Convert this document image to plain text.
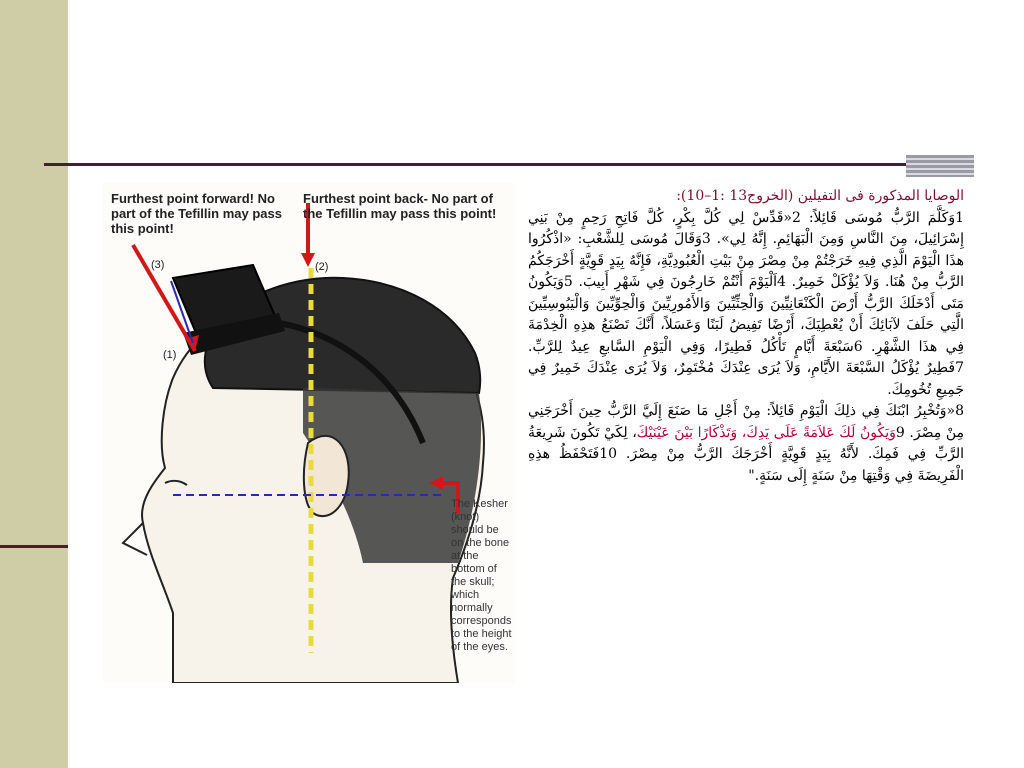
Furthest point forward! No part of the Tefillin may pass this point!
Furthest point back- No part of the Tefillin may pass this point!
(1)
(2)
(3)
The Kesher (knot) should be on the bone at the bottom of the skull; which normally corresponds to the height of the eyes.

الوصايا المذكورة فى التفيلين (الخروج13 :1–10):

1وَكَلَّمَ الرَّبُّ مُوسَى قَائِلاً: 2«قَدِّسْ لِي كُلَّ بِكْرٍ، كُلَّ فَاتِحِ رَحِمٍ مِنْ بَنِي إِسْرَائِيلَ، مِنَ النَّاسِ وَمِنَ الْبَهَائِمِ. إِنَّهُ لِي». 3وَقَالَ مُوسَى لِلشَّعْبِ: «اذْكُرُوا هذَا الْيَوْمَ الَّذِي فِيهِ خَرَجْتُمْ مِنْ مِصْرَ مِنْ بَيْتِ الْعُبُودِيَّةِ، فَإِنَّهُ بِيَدٍ قَوِيَّةٍ أَخْرَجَكُمُ الرَّبُّ مِنْ هُنَا. وَلاَ يُؤْكَلْ خَمِيرٌ. 4اَلْيَوْمَ أَنْتُمْ خَارِجُونَ فِي شَهْرِ أَبِيبَ. 5وَيَكُونُ مَتَى أَدْخَلَكَ الرَّبُّ أَرْضَ الْكَنْعَانِيِّينَ وَالْحِثِّيِّينَ وَالأَمُورِيِّينَ وَالْحِوِّيِّينَ وَالْيَبُوسِيِّينَ الَّتِي حَلَفَ لآبَائِكَ أَنْ يُعْطِيَكَ، أَرْضًا تَفِيضُ لَبَنًا وَعَسَلاً، أَنَّكَ تَصْنَعُ هذِهِ الْخِدْمَةَ فِي هذَا الشَّهْرِ. 6سَبْعَةَ أَيَّامٍ تَأْكُلُ فَطِيرًا، وَفِي الْيَوْمِ السَّابعِ عِيدٌ لِلرَّبِّ. 7فَطِيرٌ يُؤْكَلُ السَّبْعَةَ الأَيَّامِ، وَلاَ يُرَى عِنْدَكَ مُخْتَمِرٌ، وَلاَ يُرَى عِنْدَكَ خَمِيرٌ فِي جَمِيعِ تُخُومِكَ.

8«وَتُخْبِرُ ابْنَكَ فِي ذلِكَ الْيَوْمِ قَائِلاً: مِنْ أَجْلِ مَا صَنَعَ إِلَيَّ الرَّبُّ حِينَ أَخْرَجَنِي مِنْ مِصْرَ. 9وَيَكُونُ لَكَ عَلاَمَةً عَلَى يَدِكَ، وَتَذْكَارًا بَيْنَ عَيْنَيْكَ، لِكَيْ تَكُونَ شَرِيعَةُ الرَّبِّ فِي فَمِكَ. لأَنَّهُ بِيَدٍ قَوِيَّةٍ أَخْرَجَكَ الرَّبُّ مِنْ مِصْرَ. 10فَتَحْفَظُ هذِهِ الْفَرِيضَةَ فِي وَقْتِهَا مِنْ سَنَةٍ إِلَى سَنَةٍ."
